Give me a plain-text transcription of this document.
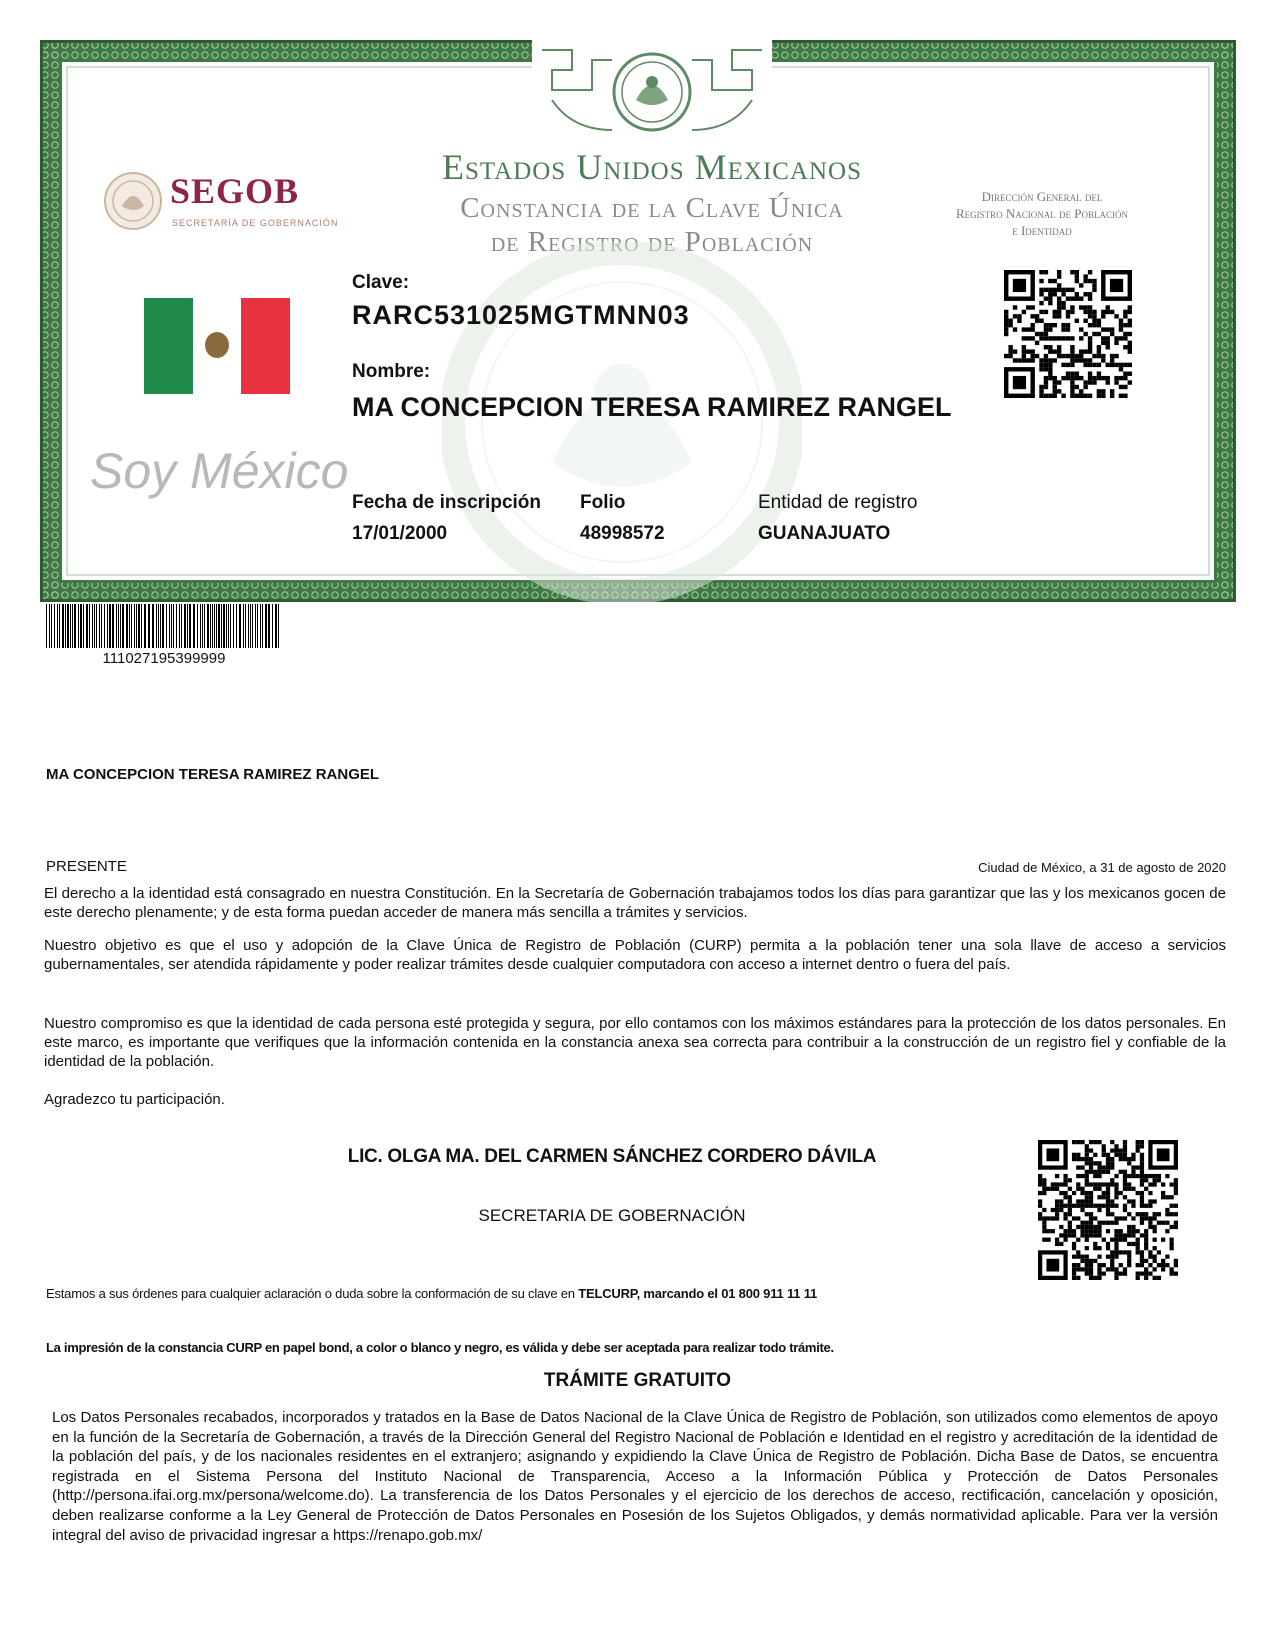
Estados Unidos Mexicanos
Constancia de la Clave Única
de Registro de Población
SEGOB
SECRETARÍA DE GOBERNACIÓN
Dirección General del
Registro Nacional de Población
e Identidad
Soy México
Clave:
RARC531025MGTMNN03
Nombre:
MA CONCEPCION TERESA RAMIREZ RANGEL
Fecha de inscripción
17/01/2000
Folio
48998572
Entidad de registro
GUANAJUATO
111027195399999
MA CONCEPCION TERESA RAMIREZ RANGEL
PRESENTE	Ciudad de México, a 31 de agosto de 2020

El derecho a la identidad está consagrado en nuestra Constitución. En la Secretaría de Gobernación trabajamos todos los días para garantizar que las y los mexicanos gocen de este derecho plenamente; y de esta forma puedan acceder de manera más sencilla a trámites y servicios.

Nuestro objetivo es que el uso y adopción de la Clave Única de Registro de Población (CURP) permita a la población tener una sola llave de acceso a servicios gubernamentales, ser atendida rápidamente y poder realizar trámites desde cualquier computadora con acceso a internet dentro o fuera del país.

Nuestro compromiso es que la identidad de cada persona esté protegida y segura, por ello contamos con los máximos estándares para la protección de los datos personales. En este marco, es importante que verifiques que la información contenida en la constancia anexa sea correcta para contribuir a la construcción de un registro fiel y confiable de la identidad de la población.

Agradezco tu participación.

LIC. OLGA MA. DEL CARMEN SÁNCHEZ CORDERO DÁVILA
SECRETARIA DE GOBERNACIÓN
Estamos a sus órdenes para cualquier aclaración o duda sobre la conformación de su clave en TELCURP, marcando el 01 800 911 11 11
La impresión de la constancia CURP en papel bond, a color o blanco y negro, es válida y debe ser aceptada para realizar todo trámite.
TRÁMITE GRATUITO

Los Datos Personales recabados, incorporados y tratados en la Base de Datos Nacional de la Clave Única de Registro de Población, son utilizados como elementos de apoyo en la función de la Secretaría de Gobernación, a través de la Dirección General del Registro Nacional de Población e Identidad en el registro y acreditación de la identidad de la población del país, y de los nacionales residentes en el extranjero; asignando y expidiendo la Clave Única de Registro de Población. Dicha Base de Datos, se encuentra registrada en el Sistema Persona del Instituto Nacional de Transparencia, Acceso a la Información Pública y Protección de Datos Personales (http://persona.ifai.org.mx/persona/welcome.do). La transferencia de los Datos Personales y el ejercicio de los derechos de acceso, rectificación, cancelación y oposición, deben realizarse conforme a la Ley General de Protección de Datos Personales en Posesión de los Sujetos Obligados, y demás normatividad aplicable. Para ver la versión integral del aviso de privacidad ingresar a https://renapo.gob.mx/
